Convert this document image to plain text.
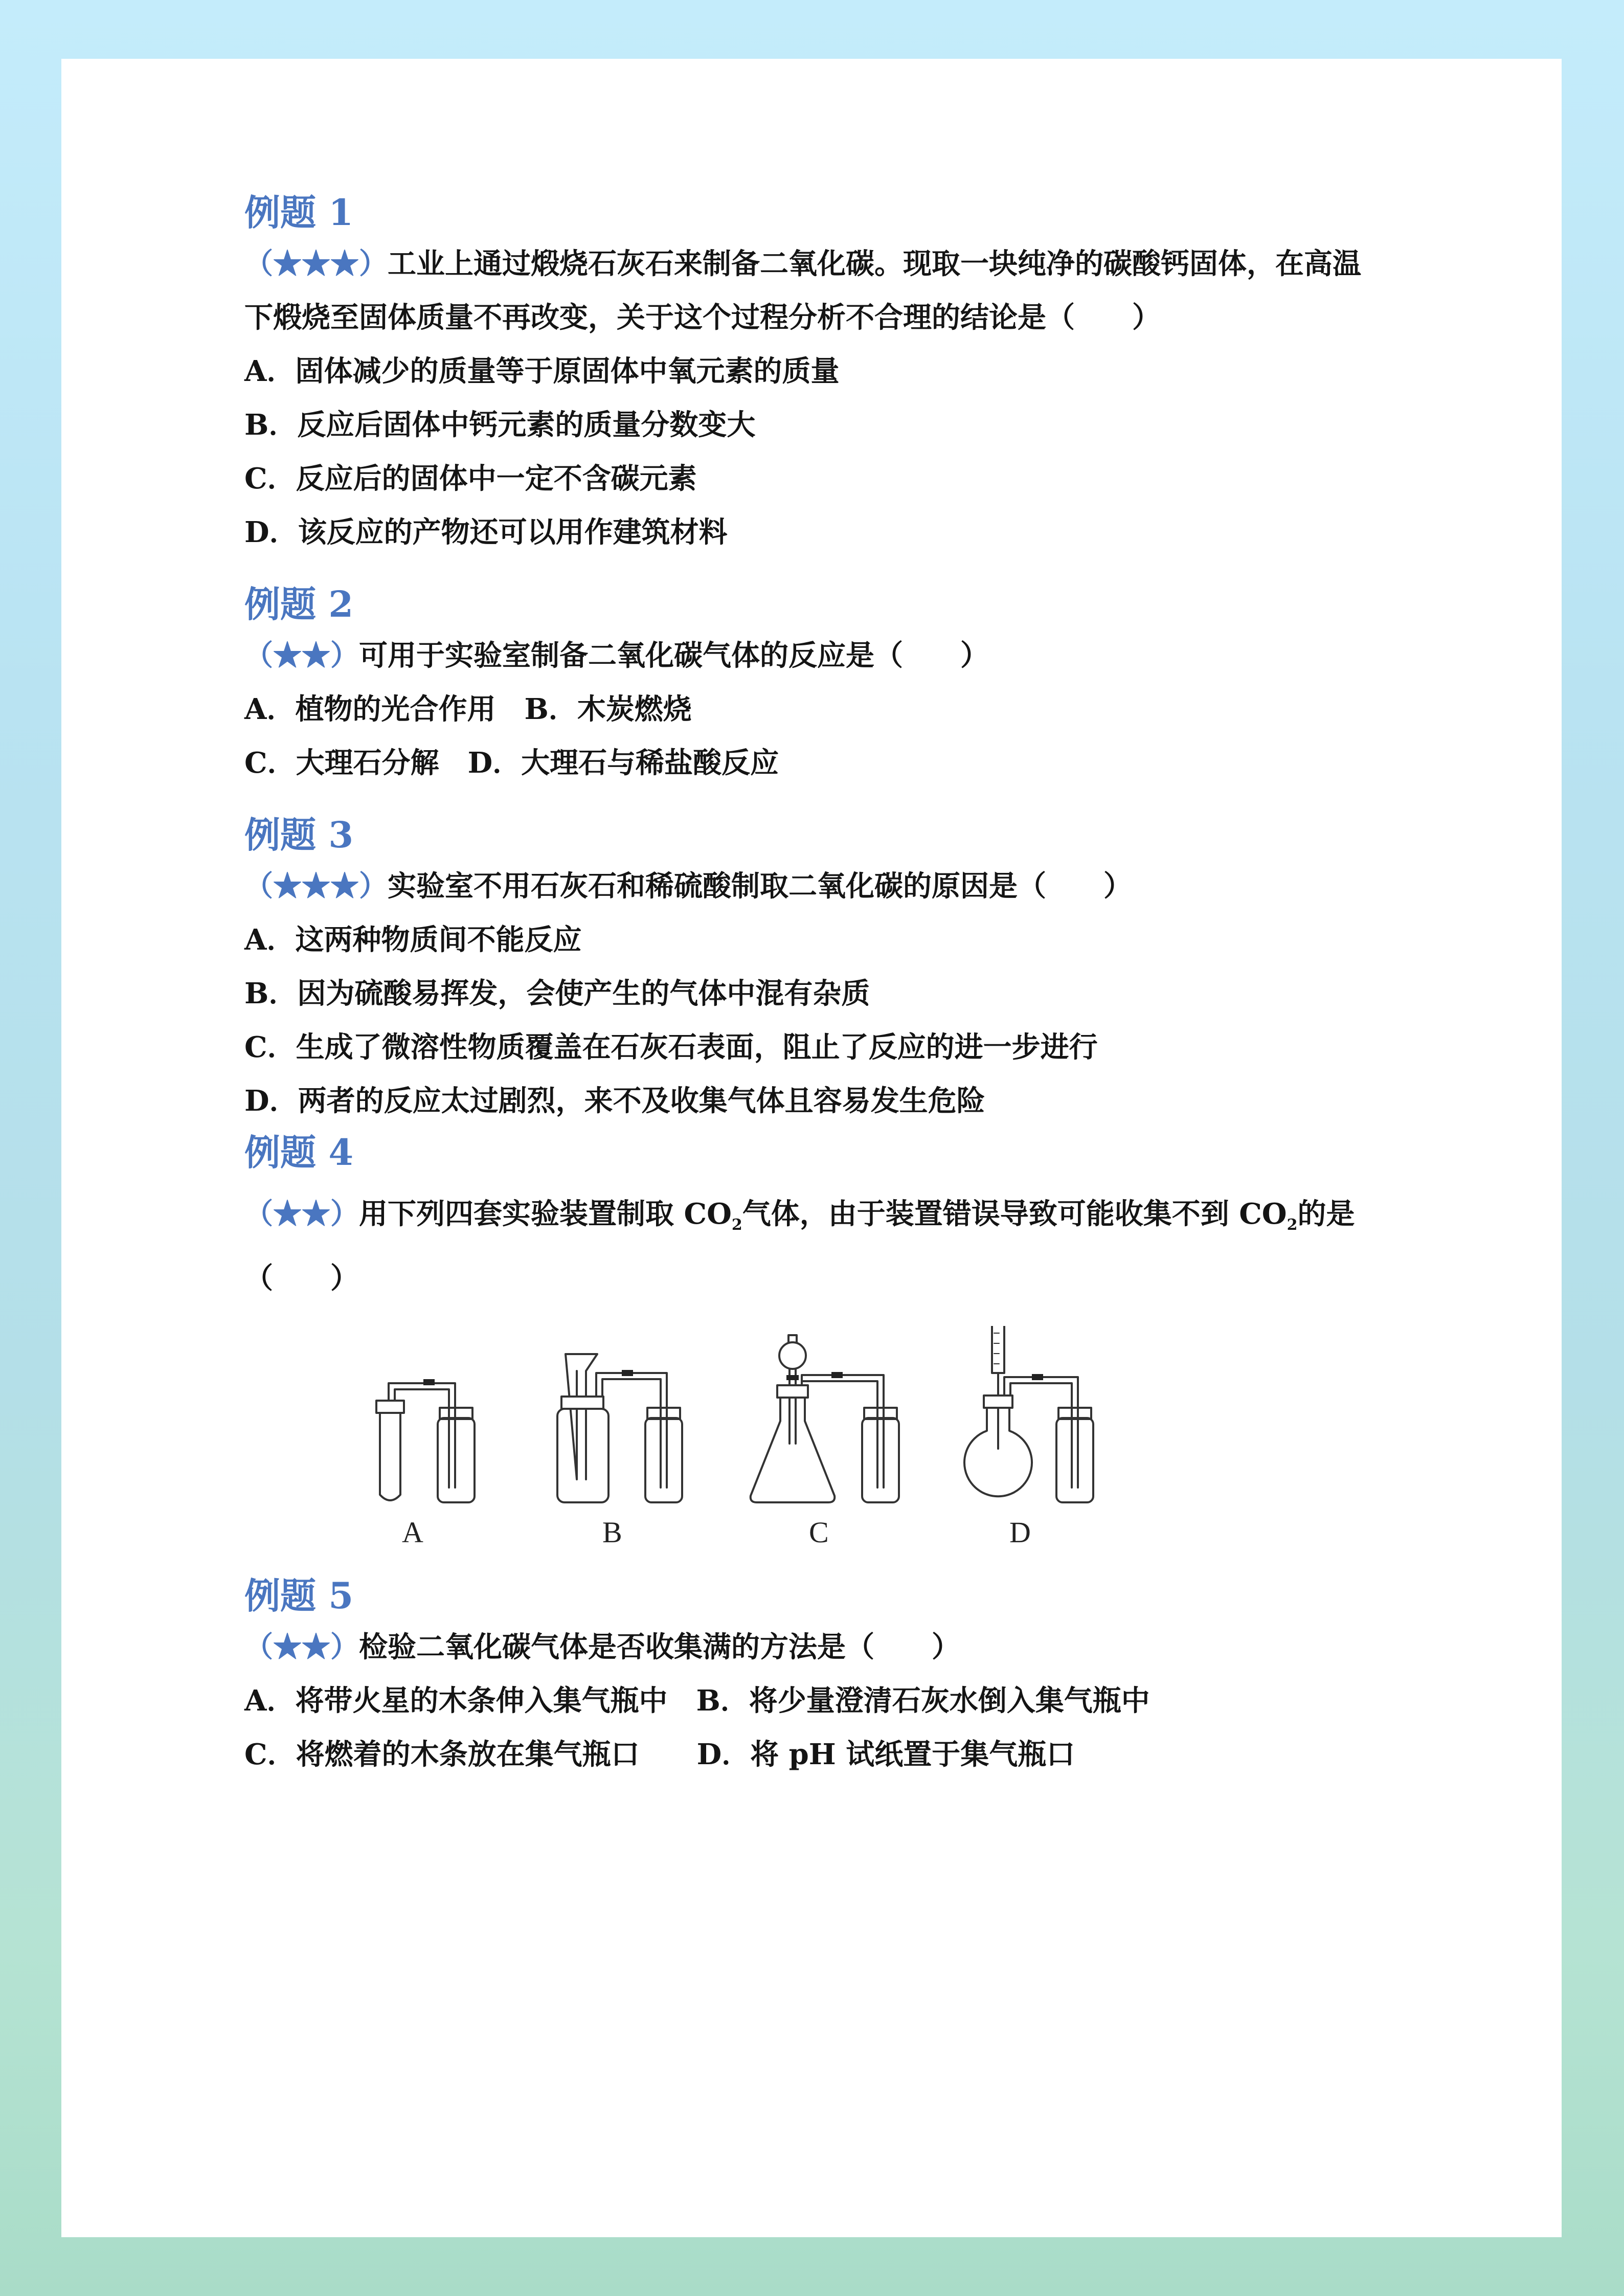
例题 1
（★★★）工业上通过煅烧石灰石来制备二氧化碳。现取一块纯净的碳酸钙固体，在高温
下煅烧至固体质量不再改变，关于这个过程分析不合理的结论是（　　）
A．固体减少的质量等于原固体中氧元素的质量
B．反应后固体中钙元素的质量分数变大
C．反应后的固体中一定不含碳元素
D．该反应的产物还可以用作建筑材料
例题 2
（★★）可用于实验室制备二氧化碳气体的反应是（　　）
A．植物的光合作用　B．木炭燃烧
C．大理石分解　D．大理石与稀盐酸反应
例题 3
（★★★）实验室不用石灰石和稀硫酸制取二氧化碳的原因是（　　）
A．这两种物质间不能反应
B．因为硫酸易挥发，会使产生的气体中混有杂质
C．生成了微溶性物质覆盖在石灰石表面，阻止了反应的进一步进行
D．两者的反应太过剧烈，来不及收集气体且容易发生危险
例题 4
（★★）用下列四套实验装置制取 $CO_2$气体，由于装置错误导致可能收集不到 $CO_2$的是
（　　）
A	B	C	D
例题 5
（★★）检验二氧化碳气体是否收集满的方法是（　　）
A．将带火星的木条伸入集气瓶中　B．将少量澄清石灰水倒入集气瓶中
C．将燃着的木条放在集气瓶口　　D．将 pH 试纸置于集气瓶口
